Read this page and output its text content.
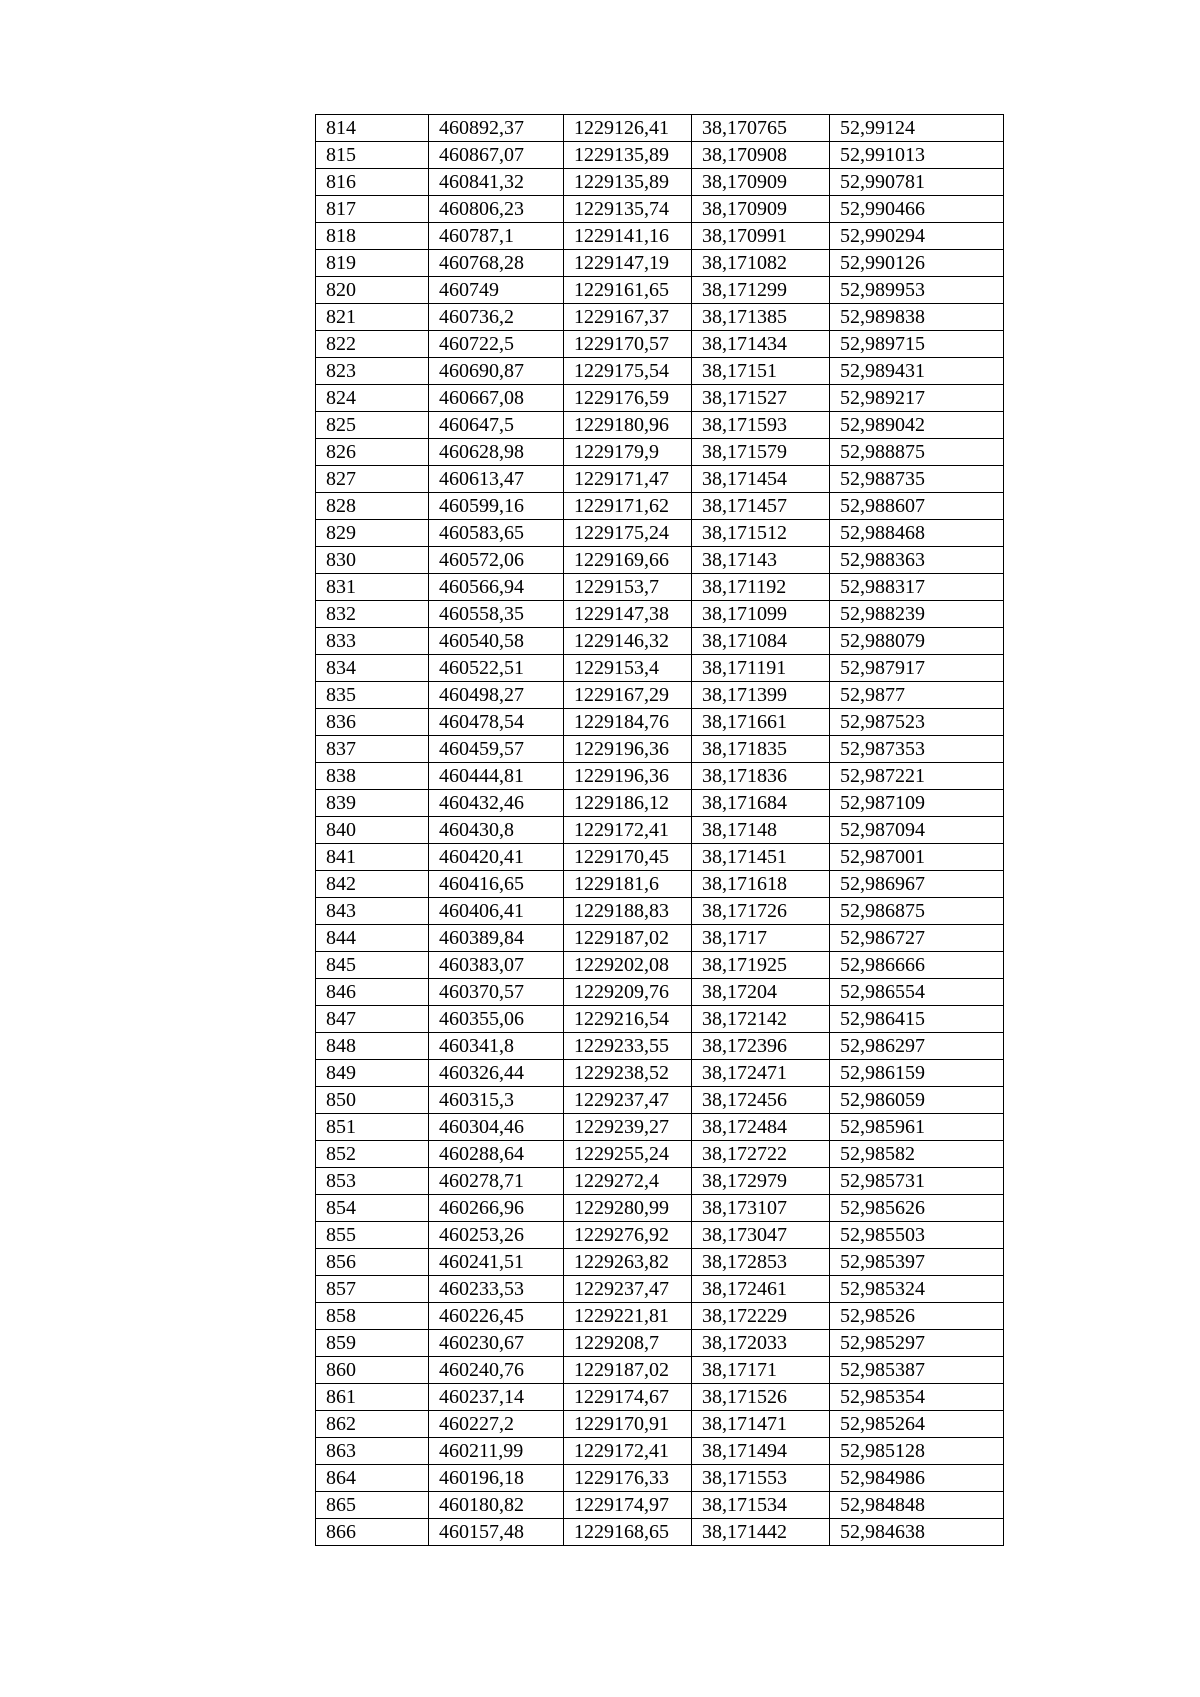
814	460892,37	1229126,41	38,170765	52,99124
815	460867,07	1229135,89	38,170908	52,991013
816	460841,32	1229135,89	38,170909	52,990781
817	460806,23	1229135,74	38,170909	52,990466
818	460787,1	1229141,16	38,170991	52,990294
819	460768,28	1229147,19	38,171082	52,990126
820	460749	1229161,65	38,171299	52,989953
821	460736,2	1229167,37	38,171385	52,989838
822	460722,5	1229170,57	38,171434	52,989715
823	460690,87	1229175,54	38,17151	52,989431
824	460667,08	1229176,59	38,171527	52,989217
825	460647,5	1229180,96	38,171593	52,989042
826	460628,98	1229179,9	38,171579	52,988875
827	460613,47	1229171,47	38,171454	52,988735
828	460599,16	1229171,62	38,171457	52,988607
829	460583,65	1229175,24	38,171512	52,988468
830	460572,06	1229169,66	38,17143	52,988363
831	460566,94	1229153,7	38,171192	52,988317
832	460558,35	1229147,38	38,171099	52,988239
833	460540,58	1229146,32	38,171084	52,988079
834	460522,51	1229153,4	38,171191	52,987917
835	460498,27	1229167,29	38,171399	52,9877
836	460478,54	1229184,76	38,171661	52,987523
837	460459,57	1229196,36	38,171835	52,987353
838	460444,81	1229196,36	38,171836	52,987221
839	460432,46	1229186,12	38,171684	52,987109
840	460430,8	1229172,41	38,17148	52,987094
841	460420,41	1229170,45	38,171451	52,987001
842	460416,65	1229181,6	38,171618	52,986967
843	460406,41	1229188,83	38,171726	52,986875
844	460389,84	1229187,02	38,1717	52,986727
845	460383,07	1229202,08	38,171925	52,986666
846	460370,57	1229209,76	38,17204	52,986554
847	460355,06	1229216,54	38,172142	52,986415
848	460341,8	1229233,55	38,172396	52,986297
849	460326,44	1229238,52	38,172471	52,986159
850	460315,3	1229237,47	38,172456	52,986059
851	460304,46	1229239,27	38,172484	52,985961
852	460288,64	1229255,24	38,172722	52,98582
853	460278,71	1229272,4	38,172979	52,985731
854	460266,96	1229280,99	38,173107	52,985626
855	460253,26	1229276,92	38,173047	52,985503
856	460241,51	1229263,82	38,172853	52,985397
857	460233,53	1229237,47	38,172461	52,985324
858	460226,45	1229221,81	38,172229	52,98526
859	460230,67	1229208,7	38,172033	52,985297
860	460240,76	1229187,02	38,17171	52,985387
861	460237,14	1229174,67	38,171526	52,985354
862	460227,2	1229170,91	38,171471	52,985264
863	460211,99	1229172,41	38,171494	52,985128
864	460196,18	1229176,33	38,171553	52,984986
865	460180,82	1229174,97	38,171534	52,984848
866	460157,48	1229168,65	38,171442	52,984638
